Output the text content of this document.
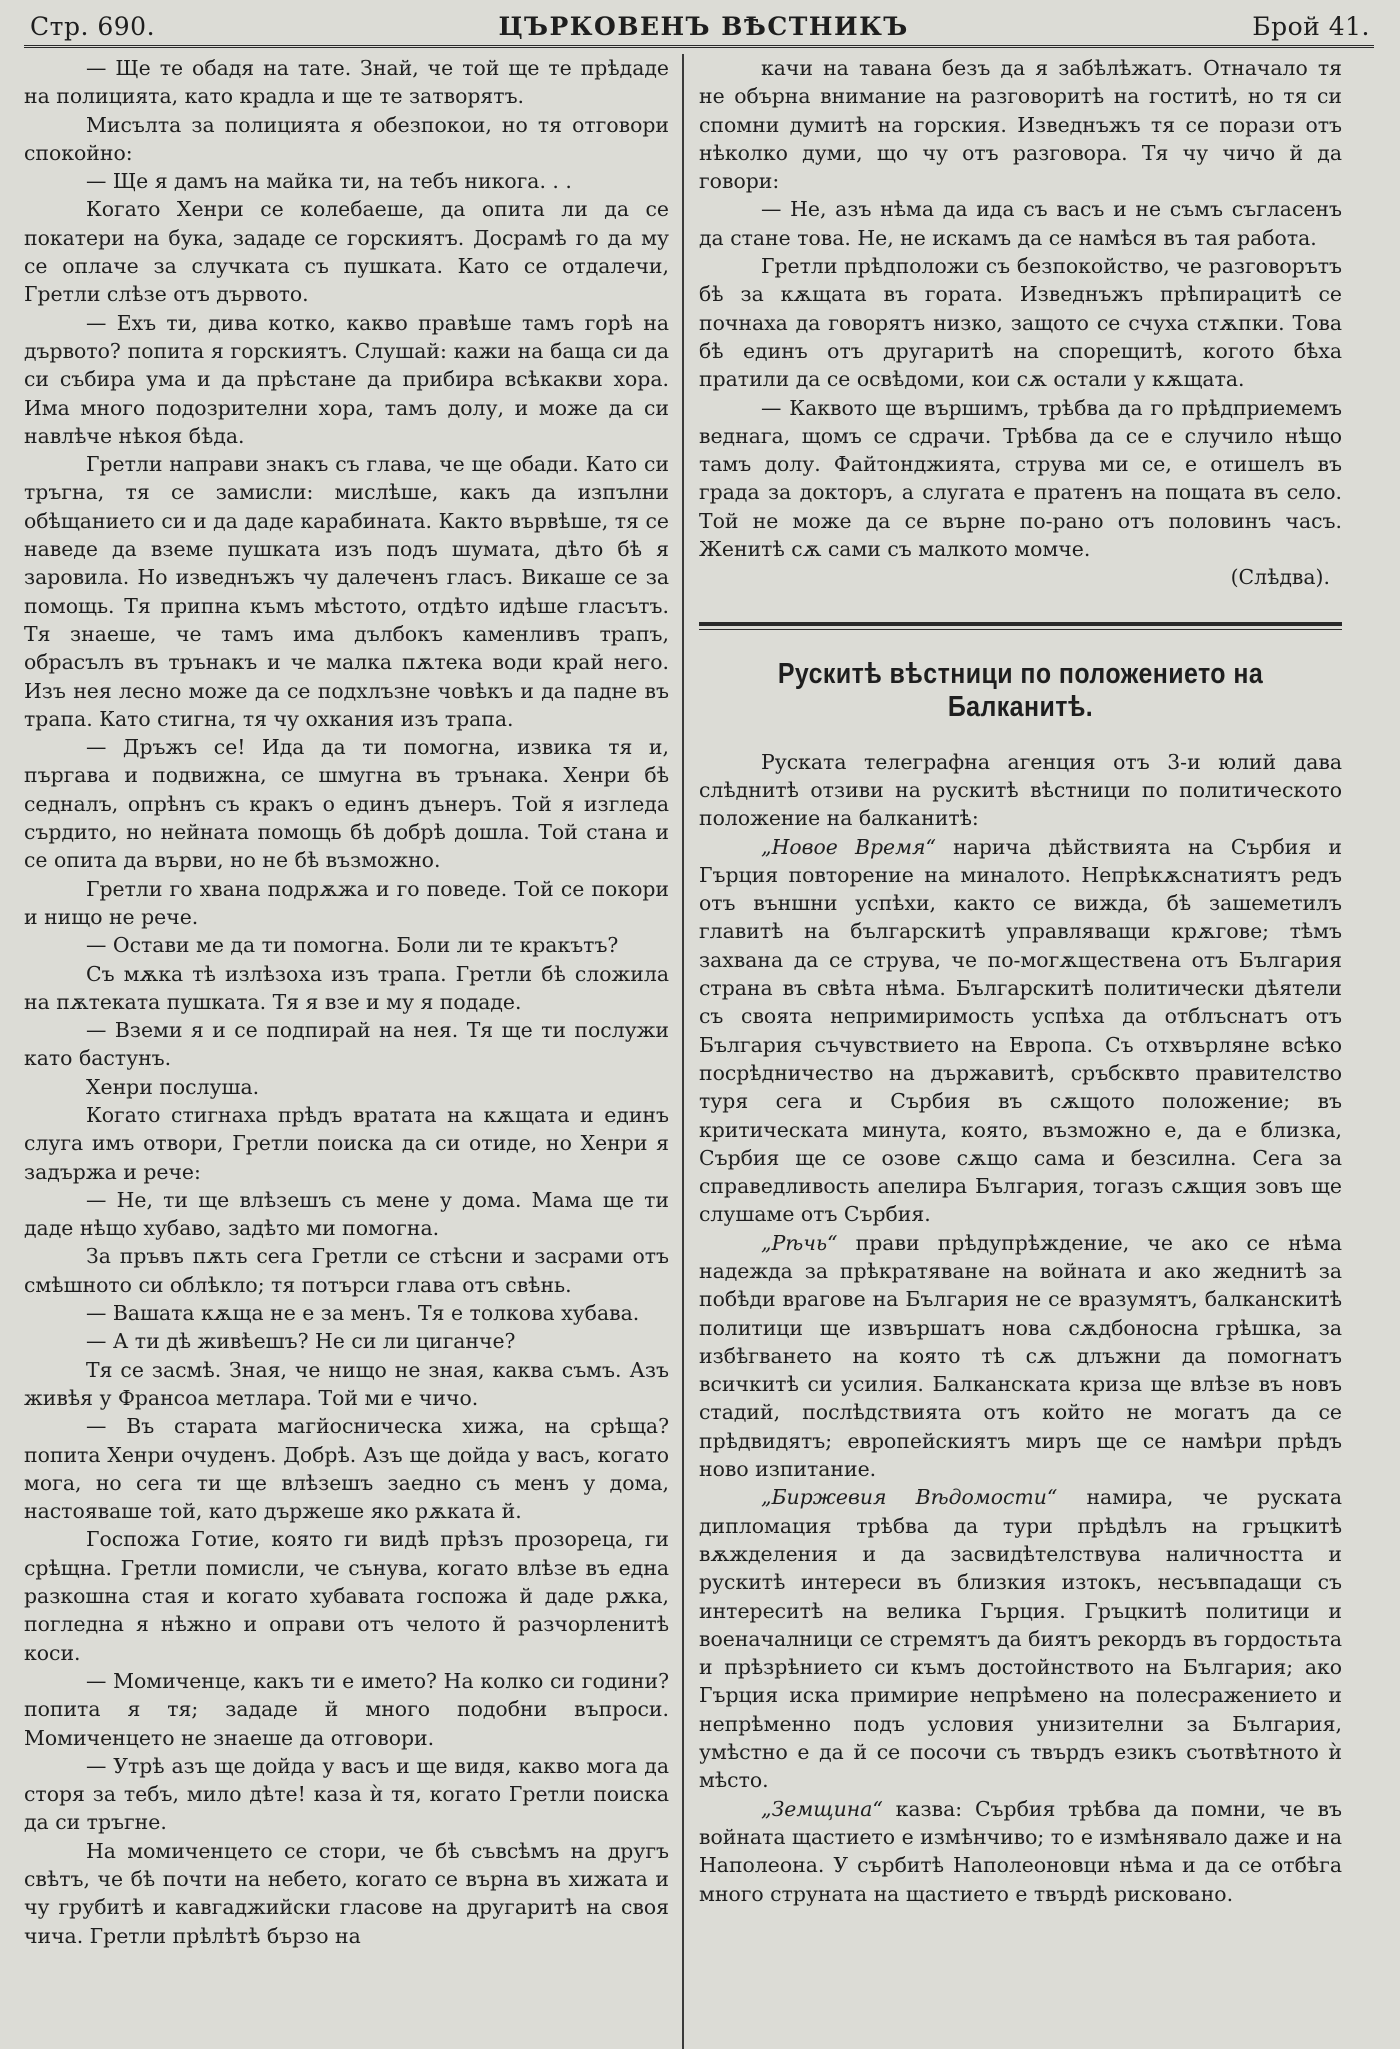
Стр. 690.	ЦЪРКОВЕНЪ ВѢСТНИКЪ	Брой 41.

— Ще те обадя на тате. Знай, че той ще те прѣдаде на полицията, като крадла и ще те затворятъ.

Мисълта за полицията я обезпокои, но тя отговори спокойно:

— Ще я дамъ на майка ти, на тебъ никога. . .

Когато Хенри се колебаеше, да опита ли да се покатери на бука, зададе се горскиятъ. Досрамѣ го да му се оплаче за случката съ пушката. Като се отдалечи, Гретли слѣзе отъ дървото.

— Ехъ ти, дива котко, какво правѣше тамъ горѣ на дървото? попита я горскиятъ. Слушай: кажи на баща си да си събира ума и да прѣстане да прибира всѣкакви хора. Има много подозрителни хора, тамъ долу, и може да си навлѣче нѣкоя бѣда.

Гретли направи знакъ съ глава, че ще обади. Като си тръгна, тя се замисли: мислѣше, какъ да изпълни обѣщанието си и да даде карабината. Както вървѣше, тя се наведе да вземе пушката изъ подъ шумата, дѣто бѣ я заровила. Но изведнъжъ чу далеченъ гласъ. Викаше се за помощь. Тя припна къмъ мѣстото, отдѣто идѣше гласътъ. Тя знаеше, че тамъ има дълбокъ каменливъ трапъ, обрасълъ въ трънакъ и че малка пѫтека води край него. Изъ нея лесно може да се подхлъзне човѣкъ и да падне въ трапа. Като стигна, тя чу охкания изъ трапа.

— Дръжъ се! Ида да ти помогна, извика тя и, пъргава и подвижна, се шмугна въ трънака. Хенри бѣ седналъ, опрѣнъ съ кракъ о единъ дънеръ. Той я изгледа сърдито, но нейната помощь бѣ добрѣ дошла. Той стана и се опита да върви, но не бѣ възможно.

Гретли го хвана подрѫжа и го поведе. Той се покори и нищо не рече.

— Остави ме да ти помогна. Боли ли те кракътъ?

Съ мѫка тѣ излѣзоха изъ трапа. Гретли бѣ сложила на пѫтеката пушката. Тя я взе и му я подаде.

— Вземи я и се подпирай на нея. Тя ще ти послужи като бастунъ.

Хенри послуша.

Когато стигнаха прѣдъ вратата на кѫщата и единъ слуга имъ отвори, Гретли поиска да си отиде, но Хенри я задържа и рече:

— Не, ти ще влѣзешъ съ мене у дома. Мама ще ти даде нѣщо хубаво, задѣто ми помогна.

За пръвъ пѫть сега Гретли се стѣсни и засрами отъ смѣшното си облѣкло; тя потърси глава отъ свѣнь.

— Вашата кѫща не е за менъ. Тя е толкова хубава.

— А ти дѣ живѣешъ? Не си ли циганче?

Тя се засмѣ. Зная, че нищо не зная, каква съмъ. Азъ живѣя у Франсоа метлара. Той ми е чичо.

— Въ старата магйосническа хижа, на срѣща? попита Хенри очуденъ. Добрѣ. Азъ ще дойда у васъ, когато мога, но сега ти ще влѣзешъ заедно съ менъ у дома, настояваше той, като държеше яко рѫката й.

Госпожа Готие, която ги видѣ прѣзъ прозореца, ги срѣщна. Гретли помисли, че сънува, когато влѣзе въ една разкошна стая и когато хубавата госпожа й даде рѫка, погледна я нѣжно и оправи отъ челото й разчорленитѣ коси.

— Момиченце, какъ ти е името? На колко си години? попита я тя; зададе й много подобни въпроси. Момиченцето не знаеше да отговори.

— Утрѣ азъ ще дойда у васъ и ще видя, какво мога да сторя за тебъ, мило дѣте! каза ѝ тя, когато Гретли поиска да си тръгне.

На момиченцето се стори, че бѣ съвсѣмъ на другъ свѣтъ, че бѣ почти на небето, когато се върна въ хижата и чу грубитѣ и кавгаджийски гласове на другаритѣ на своя чича. Гретли прѣлѣтѣ бързо на

качи на тавана безъ да я забѣлѣжатъ. Отначало тя не обърна внимание на разговоритѣ на гоститѣ, но тя си спомни думитѣ на горския. Изведнъжъ тя се порази отъ нѣколко думи, що чу отъ разговора. Тя чу чичо й да говори:

— Не, азъ нѣма да ида съ васъ и не съмъ съгласенъ да стане това. Не, не искамъ да се намѣся въ тая работа.

Гретли прѣдположи съ безпокойство, че разговорътъ бѣ за кѫщата въ гората. Изведнъжъ прѣпирацитѣ се почнаха да говорятъ низко, защото се счуха стѫпки. Това бѣ единъ отъ другаритѣ на спорещитѣ, когото бѣха пратили да се освѣдоми, кои сѫ остали у кѫщата.

— Каквото ще вършимъ, трѣбва да го прѣдприемемъ веднага, щомъ се сдрачи. Трѣбва да се е случило нѣщо тамъ долу. Файтонджията, струва ми се, е отишелъ въ града за докторъ, а слугата е пратенъ на пощата въ село. Той не може да се върне по-рано отъ половинъ часъ. Женитѣ сѫ сами съ малкото момче.

(Слѣдва).

Рускитѣ вѣстници по положението на Балканитѣ.

Руската телеграфна агенция отъ 3-и юлий дава слѣднитѣ отзиви на рускитѣ вѣстници по политическото положение на балканитѣ:

„Новое Время“ нарича дѣйствията на Сърбия и Гърция повторение на миналото. Непрѣкѫснатиятъ редъ отъ външни успѣхи, както се вижда, бѣ зашеметилъ главитѣ на българскитѣ управляващи крѫгове; тѣмъ захвана да се струва, че по-могѫществена отъ България страна въ свѣта нѣма. Българскитѣ политически дѣятели съ своята непримиримость успѣха да отблъснатъ отъ България съчувствието на Европа. Съ отхвърляне всѣко посрѣдничество на държавитѣ, сръбсквто правителство туря сега и Сърбия въ сѫщото положение; въ критическата минута, която, възможно е, да е близка, Сърбия ще се озове сѫщо сама и безсилна. Сега за справедливость апелира България, тогазъ сѫщия зовъ ще слушаме отъ Сърбия.

„Рѣчь“ прави прѣдупрѣждение, че ако се нѣма надежда за прѣкратяване на войната и ако жеднитѣ за побѣди врагове на България не се вразумятъ, балканскитѣ политици ще извършатъ нова сѫдбоносна грѣшка, за избѣгването на която тѣ сѫ длъжни да помогнатъ всичкитѣ си усилия. Балканската криза ще влѣзе въ новъ стадий, послѣдствията отъ който не могатъ да се прѣдвидятъ; европейскиятъ миръ ще се намѣри прѣдъ ново изпитание.

„Биржевия Вѣдомости“ намира, че руската дипломация трѣбва да тури прѣдѣлъ на гръцкитѣ вѫжделения и да засвидѣтелствува наличността и рускитѣ интереси въ близкия изтокъ, несъвпадащи съ интереситѣ на велика Гърция. Гръцкитѣ политици и военачалници се стремятъ да биятъ рекордъ въ гордостьта и прѣзрѣнието си къмъ достойнството на България; ако Гърция иска примирие непрѣмено на полесражението и непрѣменно подъ условия унизителни за България, умѣстно е да й се посочи съ твърдъ езикъ съотвѣтното ѝ мѣсто.

„Земщина“ казва: Сърбия трѣбва да помни, че въ войната щастието е измѣнчиво; то е измѣнявало даже и на Наполеона. У сърбитѣ Наполеоновци нѣма и да се отбѣга много струната на щастието е твърдѣ рисковано.
